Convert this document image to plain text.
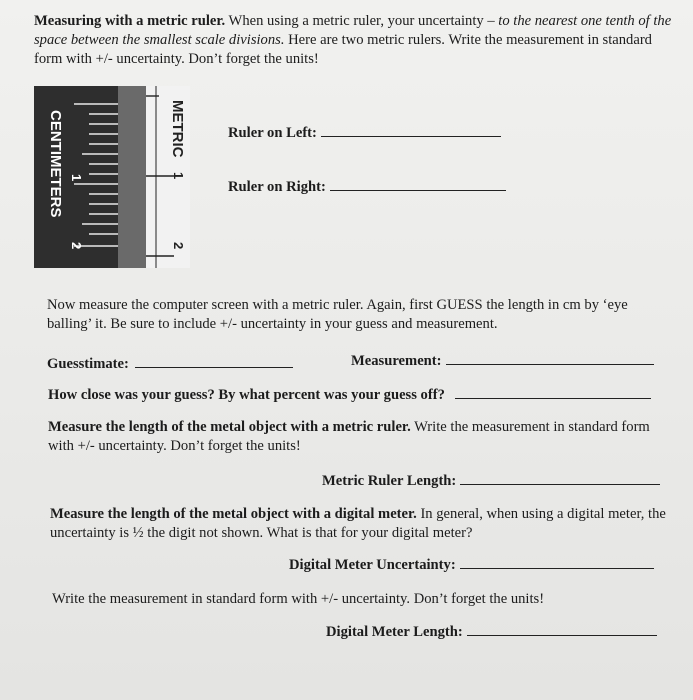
Measuring with a metric ruler. When using a metric ruler, your uncertainty – to the nearest one tenth of the space between the smallest scale divisions. Here are two metric rulers. Write the measurement in standard form with +/- uncertainty. Don’t forget the units!
CENTIMETERS 1
2
METRIC
1
2
Ruler on Left:
Ruler on Right:
Now measure the computer screen with a metric ruler. Again, first GUESS the length in cm by ‘eye balling’ it. Be sure to include +/- uncertainty in your guess and measurement.
Guesstimate:	Measurement:
How close was your guess? By what percent was your guess off?
Measure the length of the metal object with a metric ruler. Write the measurement in standard form with +/- uncertainty. Don’t forget the units!
Metric Ruler Length:
Measure the length of the metal object with a digital meter. In general, when using a digital meter, the uncertainty is ½ the digit not shown. What is that for your digital meter?
Digital Meter Uncertainty:
Write the measurement in standard form with +/- uncertainty. Don’t forget the units!
Digital Meter Length:
